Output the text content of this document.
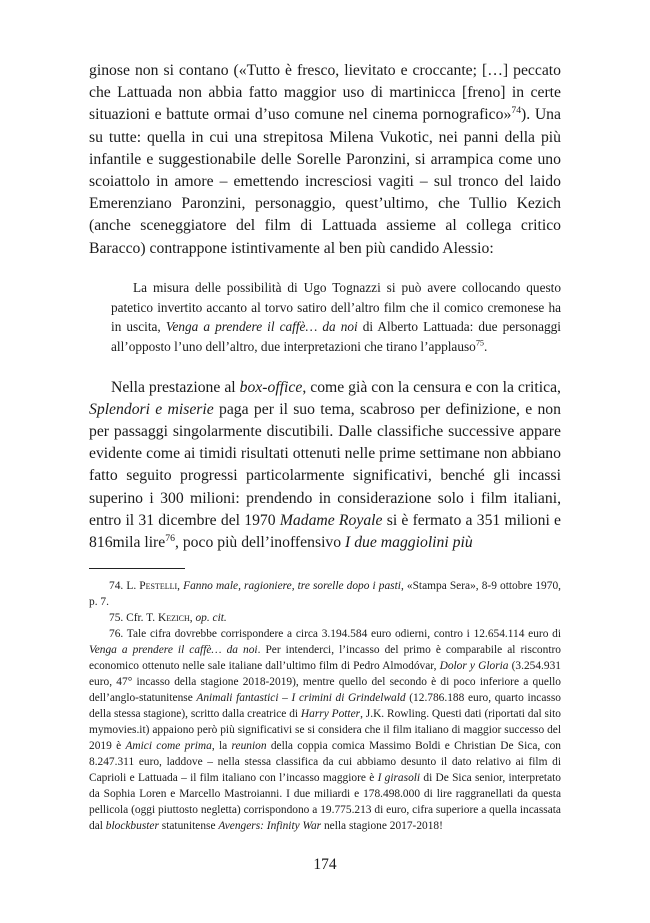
ginose non si contano («Tutto è fresco, lievitato e croccante; […] peccato che Lattuada non abbia fatto maggior uso di martinicca [freno] in certe situazioni e battute ormai d’uso comune nel cinema pornografico»$^{74}$). Una su tutte: quella in cui una strepitosa Milena Vukotic, nei panni della più infantile e suggestionabile delle Sorelle Paronzini, si arrampica come uno scoiattolo in amore – emettendo incresciosi vagiti – sul tronco del laido Emerenziano Paronzini, personaggio, quest’ultimo, che Tullio Kezich (anche sceneggiatore del film di Lattuada assieme al collega critico Baracco) contrappone istintivamente al ben più candido Alessio:

La misura delle possibilità di Ugo Tognazzi si può avere collocando questo patetico invertito accanto al torvo satiro dell’altro film che il comico cremonese ha in uscita, Venga a prendere il caffè… da noi di Alberto Lattuada: due personaggi all’opposto l’uno dell’altro, due interpretazioni che tirano l’applauso$^{75}$.

Nella prestazione al box-office, come già con la censura e con la critica, Splendori e miserie paga per il suo tema, scabroso per definizione, e non per passaggi singolarmente discutibili. Dalle classifiche successive appare evidente come ai timidi risultati ottenuti nelle prime settimane non abbiano fatto seguito progressi particolarmente significativi, benché gli incassi superino i 300 milioni: prendendo in considerazione solo i film italiani, entro il 31 dicembre del 1970 Madame Royale si è fermato a 351 milioni e 816mila lire$^{76}$, poco più dell’inoffensivo I due maggiolini più

74. L. Pestelli, Fanno male, ragioniere, tre sorelle dopo i pasti, «Stampa Sera», 8-9 ottobre 1970, p. 7.

75. Cfr. T. Kezich, op. cit.

76. Tale cifra dovrebbe corrispondere a circa 3.194.584 euro odierni, contro i 12.654.114 euro di Venga a prendere il caffè… da noi. Per intenderci, l’incasso del primo è comparabile al riscontro economico ottenuto nelle sale italiane dall’ultimo film di Pedro Almodóvar, Dolor y Gloria (3.254.931 euro, 47° incasso della stagione 2018-2019), mentre quello del secondo è di poco inferiore a quello dell’anglo-statunitense Animali fantastici – I crimini di Grindelwald (12.786.188 euro, quarto incasso della stessa stagione), scritto dalla creatrice di Harry Potter, J.K. Rowling. Questi dati (riportati dal sito mymovies.it) appaiono però più significativi se si considera che il film italiano di maggior successo del 2019 è Amici come prima, la reunion della coppia comica Massimo Boldi e Christian De Sica, con 8.247.311 euro, laddove – nella stessa classifica da cui abbiamo desunto il dato relativo ai film di Caprioli e Lattuada – il film italiano con l’incasso maggiore è I girasoli di De Sica senior, interpretato da Sophia Loren e Marcello Mastroianni. I due miliardi e 178.498.000 di lire raggranellati da questa pellicola (oggi piuttosto negletta) corrispondono a 19.775.213 di euro, cifra superiore a quella incassata dal blockbuster statunitense Avengers: Infinity War nella stagione 2017-2018!

174
